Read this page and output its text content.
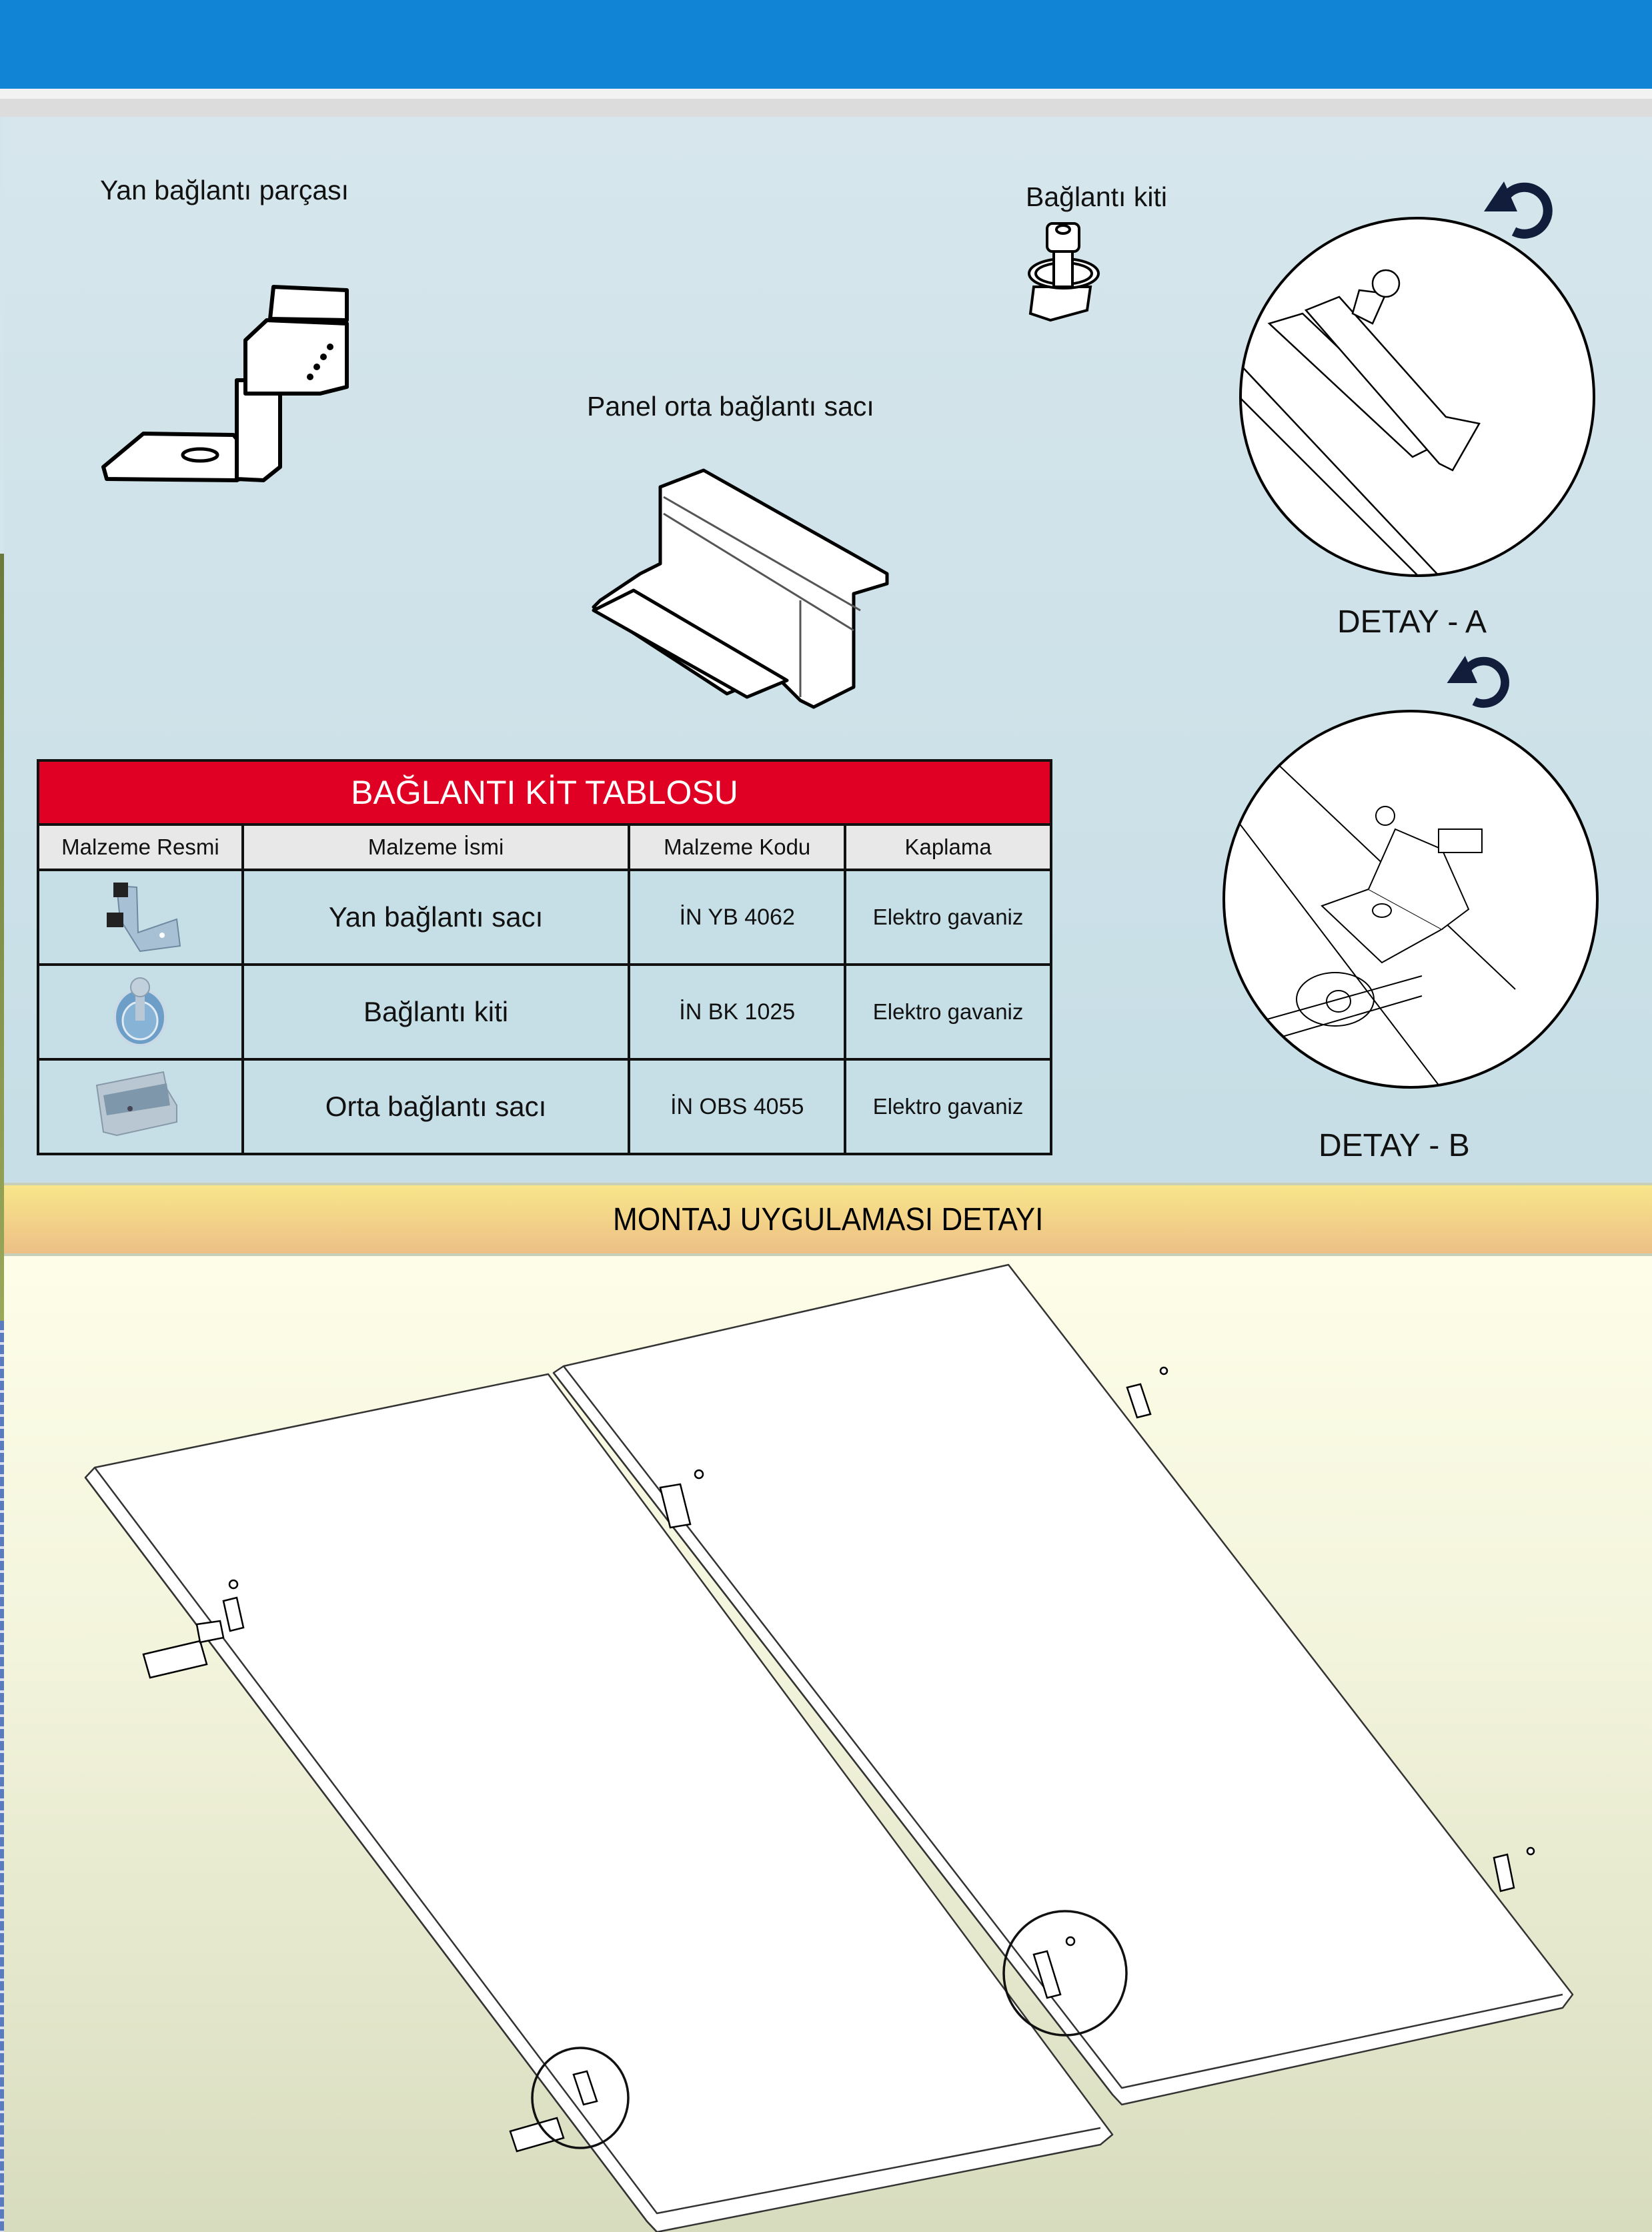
Yan bağlantı parçası
Panel orta bağlantı sacı
Bağlantı kiti
DETAY - A
DETAY - B
BAĞLANTI KİT TABLOSU			
Malzeme Resmi	Malzeme İsmi	Malzeme Kodu	Kaplama

	Yan bağlantı sacı	İN YB 4062	Elektro gavaniz

	Bağlantı kiti	İN BK 1025	Elektro gavaniz

	Orta bağlantı sacı	İN OBS 4055	Elektro gavaniz
MONTAJ UYGULAMASI DETAYI
